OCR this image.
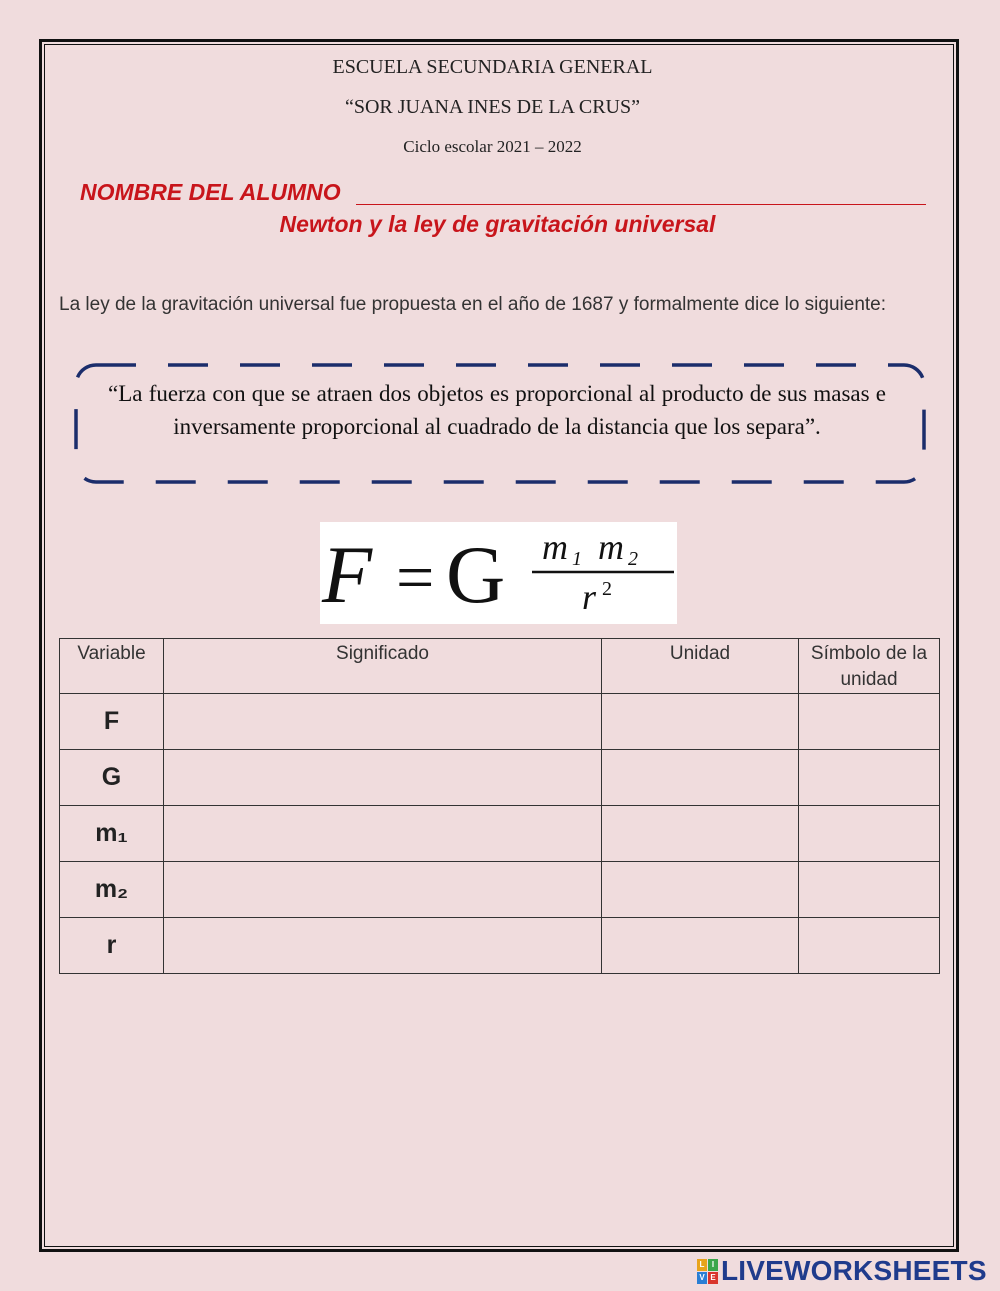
ESCUELA SECUNDARIA GENERAL
“SOR JUANA INES DE LA CRUS”
Ciclo escolar 2021 – 2022
NOMBRE DEL ALUMNO
Newton y la ley de gravitación universal
La ley de la gravitación universal fue propuesta en el año de 1687 y formalmente dice lo siguiente:
“La fuerza con que se atraen dos objetos es proporcional al producto de sus masas e inversamente proporcional al cuadrado de la distancia que los separa”.
F = G m 1 m 2
r 2
Variable	Significado	Unidad	Símbolo de la unidad
F			
G			
m₁			
m₂			
r			
L I
V E LIVEWORKSHEETS
